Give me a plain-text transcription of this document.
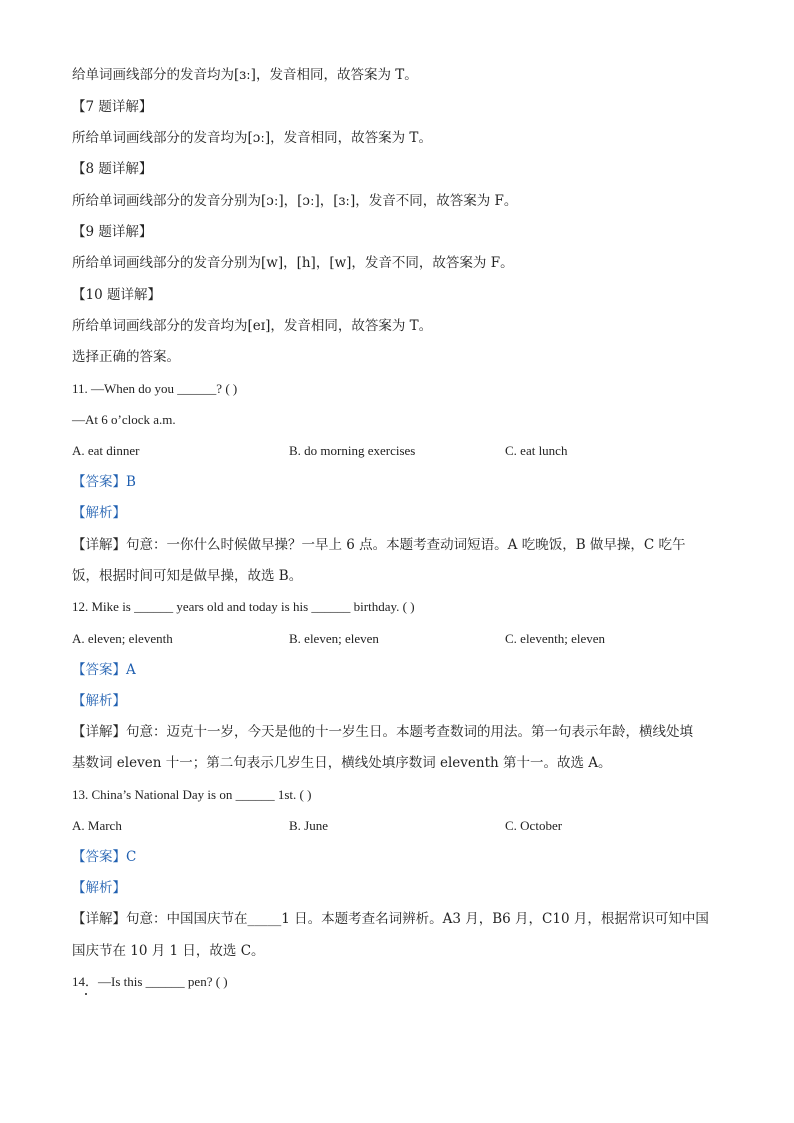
给单词画线部分的发音均为[ɜː]，发音相同，故答案为 T。
【7 题详解】
所给单词画线部分的发音均为[ɔː]，发音相同，故答案为 T。
【8 题详解】
所给单词画线部分的发音分别为[ɔː]，[ɔː]，[ɜː]，发音不同，故答案为 F。
【9 题详解】
所给单词画线部分的发音分别为[w]，[h]，[w]，发音不同，故答案为 F。
【10 题详解】
所给单词画线部分的发音均为[eɪ]，发音相同，故答案为 T。
选择正确的答案。
11. —When do you ______? ( )
—At 6 o’clock a.m.
A. eat dinner	B. do morning exercises	C. eat lunch
【答案】B
【解析】
【详解】句意：一你什么时候做早操？一早上 6 点。本题考查动词短语。A 吃晚饭，B 做早操，C 吃午
饭，根据时间可知是做早操，故选 B。
12. Mike is ______ years old and today is his ______ birthday. ( )
A. eleven; eleventh	B. eleven; eleven	C. eleventh; eleven
【答案】A
【解析】
【详解】句意：迈克十一岁，今天是他的十一岁生日。本题考查数词的用法。第一句表示年龄，横线处填
基数词 eleven 十一；第二句表示几岁生日，横线处填序数词 eleventh 第十一。故选 A。
13. China’s National Day is on ______ 1st. ( )
A. March	B. June	C. October
【答案】C
【解析】
【详解】句意：中国国庆节在_____1 日。本题考查名词辨析。A3 月，B6 月，C10 月，根据常识可知中国
国庆节在 10 月 1 日，故选 C。
14．—Is this ______ pen? ( )
